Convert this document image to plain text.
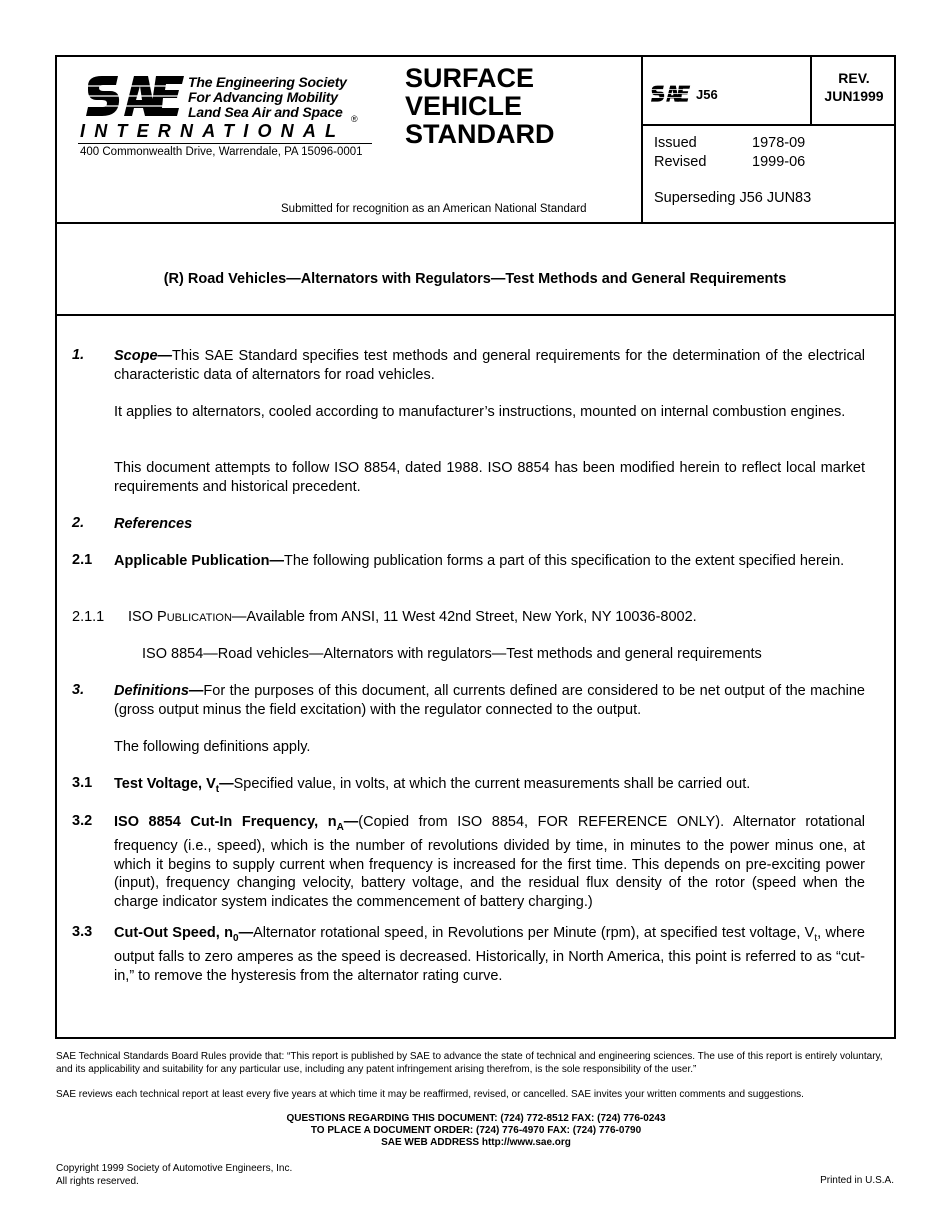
The Engineering Society
For Advancing Mobility
Land Sea Air and Space ®
INTERNATIONAL
400 Commonwealth Drive, Warrendale, PA 15096-0001
SURFACE
VEHICLE
STANDARD
Submitted for recognition as an American National Standard
J56
REV.
JUN1999
Issued	1978-09
Revised	1999-06
Superseding J56 JUN83
(R) Road Vehicles—Alternators with Regulators—Test Methods and General Requirements
1. Scope—This SAE Standard specifies test methods and general requirements for the determination of the electrical characteristic data of alternators for road vehicles.
It applies to alternators, cooled according to manufacturer’s instructions, mounted on internal combustion engines.
This document attempts to follow ISO 8854, dated 1988. ISO 8854 has been modified herein to reflect local market requirements and historical precedent.
2. References
2.1 Applicable Publication—The following publication forms a part of this specification to the extent specified herein.
2.1.1 ISO PUBLICATION—Available from ANSI, 11 West 42nd Street, New York, NY 10036-8002.
ISO 8854—Road vehicles—Alternators with regulators—Test methods and general requirements
3. Definitions—For the purposes of this document, all currents defined are considered to be net output of the machine (gross output minus the field excitation) with the regulator connected to the output.
The following definitions apply.
3.1 Test Voltage, $V_t—Specified$ value, in volts, at which the current measurements shall be carried out.
3.2 ISO 8854 Cut-In Frequency, $n_A—(Copied$ from ISO 8854, FOR REFERENCE ONLY). Alternator rotational frequency (i.e., speed), which is the number of revolutions divided by time, in minutes to the power minus one, at which it begins to supply current when frequency is increased for the first time. This depends on pre-exciting power (input), frequency changing velocity, battery voltage, and the residual flux density of the rotor (speed when the charge indicator system indicates the commencement of battery charging.)
3.3 Cut-Out Speed, $n_0—Alternator$ rotational speed, in Revolutions per Minute (rpm), at specified test voltage, $V_t$, where output falls to zero amperes as the speed is decreased. Historically, in North America, this point is referred to as “cut-in,” to remove the hysteresis from the alternator rating curve.
SAE Technical Standards Board Rules provide that: “This report is published by SAE to advance the state of technical and engineering sciences. The use of this report is entirely voluntary, and its applicability and suitability for any particular use, including any patent infringement arising therefrom, is the sole responsibility of the user.”
SAE reviews each technical report at least every five years at which time it may be reaffirmed, revised, or cancelled. SAE invites your written comments and suggestions.
QUESTIONS REGARDING THIS DOCUMENT: (724) 772-8512 FAX: (724) 776-0243
TO PLACE A DOCUMENT ORDER: (724) 776-4970 FAX: (724) 776-0790
SAE WEB ADDRESS http://www.sae.org
Copyright 1999 Society of Automotive Engineers, Inc.
All rights reserved.	Printed in U.S.A.
